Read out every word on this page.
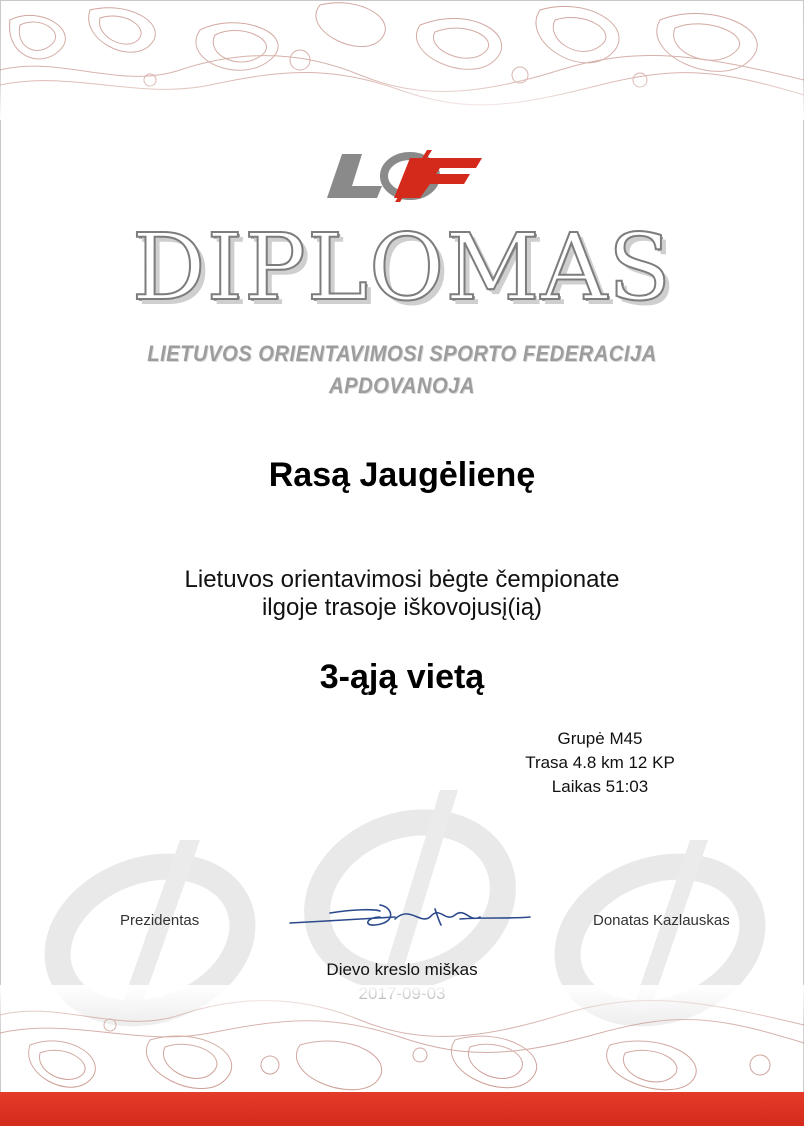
DIPLOMAS
LIETUVOS ORIENTAVIMOSI SPORTO FEDERACIJA
APDOVANOJA
Rasą Jaugėlienę
Lietuvos orientavimosi bėgte čempionate
ilgoje trasoje iškovojusį(ią)
3-ąją vietą
Grupė M45
Trasa 4.8 km 12 KP
Laikas 51:03
Prezidentas	Donatas Kazlauskas
Dievo kreslo miškas
